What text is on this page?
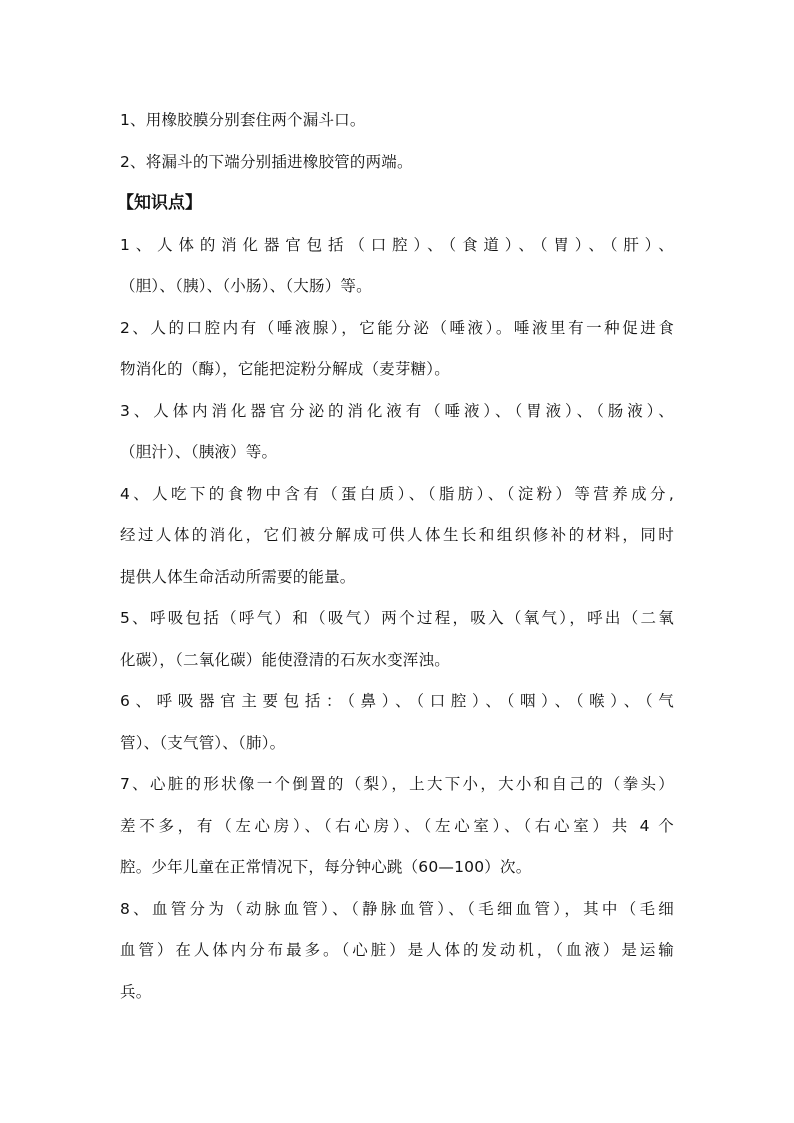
1、用橡胶膜分别套住两个漏斗口。
2、将漏斗的下端分别插进橡胶管的两端。
【知识点】
1、人体的消化器官包括（口腔）、（食道）、（胃）、（肝）、
（胆）、（胰）、（小肠）、（大肠）等。
2、人的口腔内有（唾液腺），它能分泌（唾液）。唾液里有一种促进食
物消化的（酶），它能把淀粉分解成（麦芽糖）。
3、人体内消化器官分泌的消化液有（唾液）、（胃液）、（肠液）、
（胆汁）、（胰液）等。
4、人吃下的食物中含有（蛋白质）、（脂肪）、（淀粉）等营养成分,
经过人体的消化，它们被分解成可供人体生长和组织修补的材料，同时
提供人体生命活动所需要的能量。
5、呼吸包括（呼气）和（吸气）两个过程，吸入（氧气），呼出（二氧
化碳），（二氧化碳）能使澄清的石灰水变浑浊。
6、呼吸器官主要包括：（鼻）、（口腔）、（咽）、（喉）、（气
管）、（支气管）、（肺）。
7、心脏的形状像一个倒置的（梨），上大下小，大小和自己的（拳头）
差不多，有（左心房）、（右心房）、（左心室）、（右心室）共 4 个
腔。少年儿童在正常情况下，每分钟心跳（60—100）次。
8、血管分为（动脉血管）、（静脉血管）、（毛细血管），其中（毛细
血管）在人体内分布最多。（心脏）是人体的发动机，（血液）是运输
兵。
